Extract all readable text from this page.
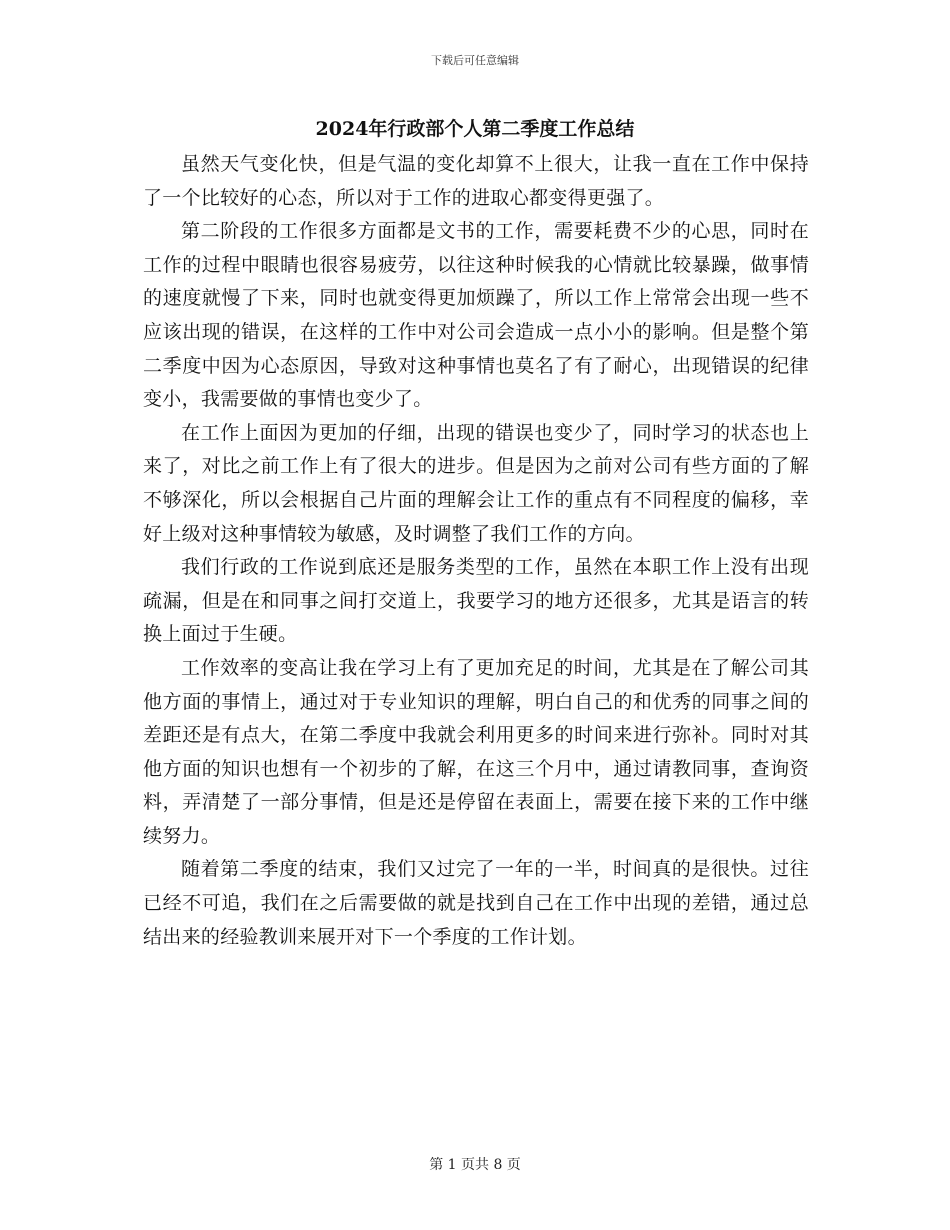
下载后可任意编辑
2024年行政部个人第二季度工作总结

虽然天气变化快，但是气温的变化却算不上很大，让我一直在工作中保持了一个比较好的心态，所以对于工作的进取心都变得更强了。

第二阶段的工作很多方面都是文书的工作，需要耗费不少的心思，同时在工作的过程中眼睛也很容易疲劳，以往这种时候我的心情就比较暴躁，做事情的速度就慢了下来，同时也就变得更加烦躁了，所以工作上常常会出现一些不应该出现的错误，在这样的工作中对公司会造成一点小小的影响。但是整个第二季度中因为心态原因，导致对这种事情也莫名了有了耐心，出现错误的纪律变小，我需要做的事情也变少了。

在工作上面因为更加的仔细，出现的错误也变少了，同时学习的状态也上来了，对比之前工作上有了很大的进步。但是因为之前对公司有些方面的了解不够深化，所以会根据自己片面的理解会让工作的重点有不同程度的偏移，幸好上级对这种事情较为敏感，及时调整了我们工作的方向。

我们行政的工作说到底还是服务类型的工作，虽然在本职工作上没有出现疏漏，但是在和同事之间打交道上，我要学习的地方还很多，尤其是语言的转换上面过于生硬。

工作效率的变高让我在学习上有了更加充足的时间，尤其是在了解公司其他方面的事情上，通过对于专业知识的理解，明白自己的和优秀的同事之间的差距还是有点大，在第二季度中我就会利用更多的时间来进行弥补。同时对其他方面的知识也想有一个初步的了解，在这三个月中，通过请教同事，查询资料，弄清楚了一部分事情，但是还是停留在表面上，需要在接下来的工作中继续努力。

随着第二季度的结束，我们又过完了一年的一半，时间真的是很快。过往已经不可追，我们在之后需要做的就是找到自己在工作中出现的差错，通过总结出来的经验教训来展开对下一个季度的工作计划。

第 1 页共 8 页
